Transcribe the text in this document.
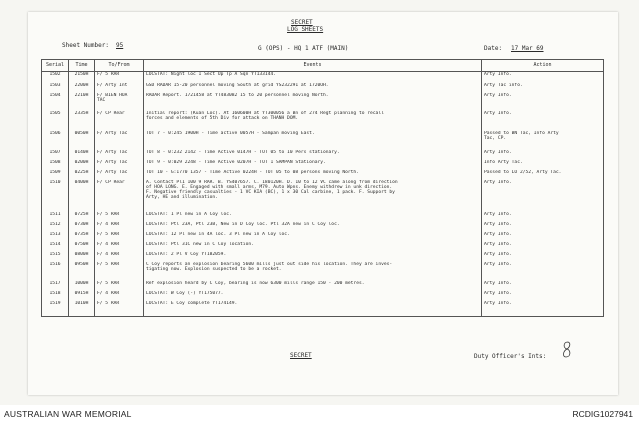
SECRET
LOG SHEETS
Sheet Number: 95	G (OPS) - HQ 1 ATF (MAIN)	Date: 17 Mar 69
Serial	Time	To/From	Events	Action
1502	2150H	F/ 5 RAR	LOCSTAT: Night loc 1 Sect Up Tp A Sqn YT133144.	Arty Info.
1503	2200H	F/ Arty Int	GSD RADAR 15-20 personnel moving South at grid YS232291 at 1720OH.	Arty Tac info.
1504	2210H	F/ BIEN HOA
TAC	RADAR Report. 1721458 at YT483082 15 to 20 personnel moving North.	Arty Info.
1505	2335H	F/ CP Rear	Initial report: (Kuan Loc). At 160600H at YT300056 a Bn of 274 Regt planning to recall
forces and elements of 5th Div for attack on THANH DOM.	Arty Info.
1506	0050H	F/ Arty Tac	TOT 7 - 0:245 1900H - Time active 0057H - Sampan moving East.	Passed to BN Tac, Info Arty
Tac, CP.
1507	0140H	F/ Arty Tac	TOT 8 - 0:232 2142 - Time Active 0147H - TOT 05 to 10 Pers stationary.	Arty Info.
1508	0200H	F/ Arty Tac	TOT 9 - 0:029 2248 - Time Active 0207H - TOT 1 SAMPAN Stationary.	Info Arty Tac.
1509	0225H	F/ Arty Tac	TOT 10 - G:1770 1357 - Time Active 0224H - TOT 05 to 08 persons moving North.	Passed to LO 2/52, Arty Tac.
1510	0400H	F/ CP Rear	A. Contact Pl1 100 9 RAR. B. YS407657. C. 180120H. D. 10 to 12 VC came along from direction
of HOA LONG. E. Engaged with small arms, M79. Auto Wpns. Enemy withdrew in unk direction.
F. Negative friendly casualties - 1 VC KIA (BC), 1 x 30 Cal carbine, 1 pack. F. Support by
Arty, HE and illumination.	Arty Info.
1511	0725H	F/ 5 RAR	LOCSTAT: 1 Pl new in A Coy loc.	Arty Info.
1512	0730H	F/ 4 RAR	LOCSTAT: Ptl 23A, Ptl 23B, New in D Coy loc. Ptl 32A new in C Coy loc.	Arty Info.
1513	0735H	F/ 5 RAR	LOCSTAT: 12 Pl new in 4A loc. 3 Pl new in A Coy loc.	Arty Info.
1514	0750H	F/ 4 RAR	LOCSTAT: Ptl 31C new in C Coy location.	Arty Info.
1515	0800H	F/ 4 RAR	LOCSTAT: 2 Pl V Coy YT182059.	Arty Info.
1516	0950H	F/ 5 RAR	C Coy reports an explosion bearing 5600 mills just out side his location. They are inves-
tigating now. Explosion suspected to be a rocket.	Arty Info.
1517	1000H	F/ 5 RAR	Ref explosion heard by C Coy, bearing is now 6300 mills range 150 - 200 metres.	Arty Info.
1518	0915H	F/ 4 RAR	LOCSTAT: W Coy (-) YT175077.	Arty Info.
1519	1010H	F/ 5 RAR	LOCSTAT: E Coy complete YT174149.	Arty Info.
SECRET	Duty Officer's Ints:
AUSTRALIAN WAR MEMORIAL	RCDIG1027941
